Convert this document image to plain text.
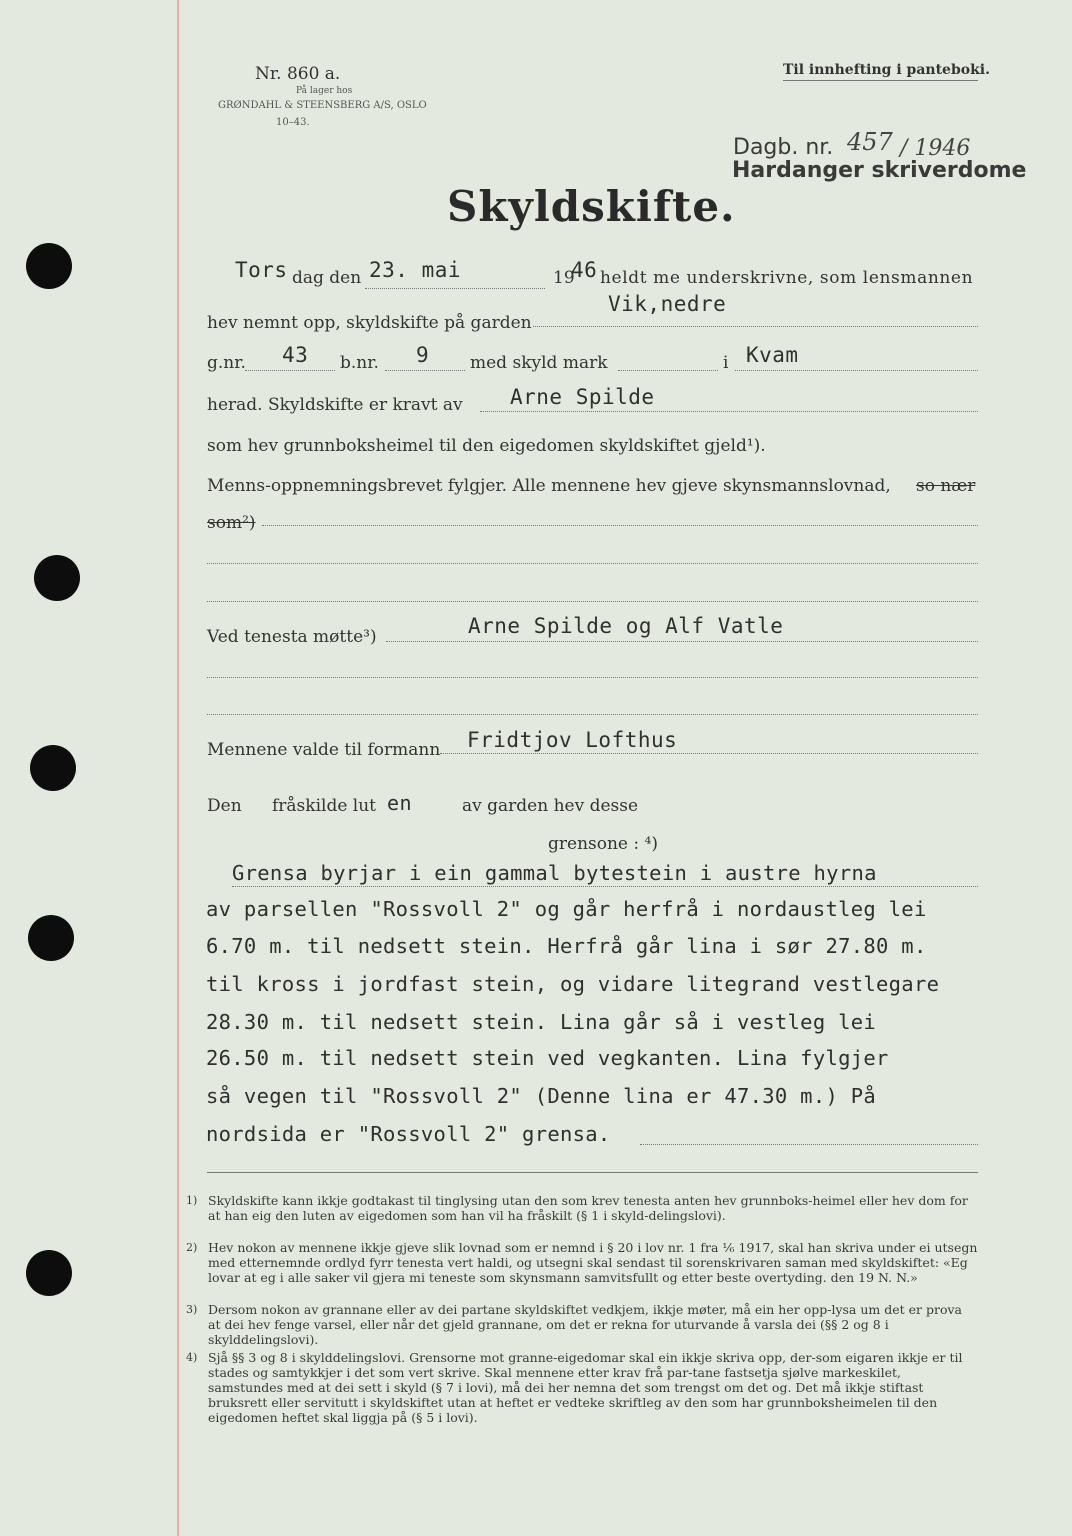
Nr. 860 a.
På lager hos
GRØNDAHL & STEENSBERG A/S, OSLO
10–43.
Til innhefting i panteboki.
Dagb. nr. 457 / 1946
Hardanger skriverdome
Skyldskifte.
Tors dag den 23. mai	19
46 heldt me underskrivne, som lensmannen
hev nemnt opp, skyldskifte på garden
Vik,nedre
g.nr. 43 b.nr. 9 med skyld mark	i Kvam
herad. Skyldskifte er kravt av Arne Spilde
som hev grunnboksheimel til den eigedomen skyldskiftet gjeld¹).
Menns-oppnemningsbrevet fylgjer. Alle mennene hev gjeve skynsmannslovnad, so nær
som²)
Ved tenesta møtte³)	Arne Spilde og Alf Vatle
Mennene valde til formann Fridtjov Lofthus
Den fråskilde lut en	av garden hev desse
grensone : ⁴)
Grensa byrjar i ein gammal bytestein i austre hyrna
av parsellen "Rossvoll 2" og går herfrå i nordaustleg lei
6.70 m. til nedsett stein. Herfrå går lina i sør 27.80 m.
til kross i jordfast stein, og vidare litegrand vestlegare
28.30 m. til nedsett stein. Lina går så i vestleg lei
26.50 m. til nedsett stein ved vegkanten. Lina fylgjer
så vegen til "Rossvoll 2" (Denne lina er 47.30 m.) På
nordsida er "Rossvoll 2" grensa.
1) Skyldskifte kann ikkje godtakast til tinglysing utan den som krev tenesta anten hev grunnboks-heimel eller hev dom for at han eig den luten av eigedomen som han vil ha fråskilt (§ 1 i skyld-delingslovi).
2) Hev nokon av mennene ikkje gjeve slik lovnad som er nemnd i § 20 i lov nr. 1 fra ⅙ 1917, skal han skriva under ei utsegn med etternemnde ordlyd fyrr tenesta vert haldi, og utsegni skal sendast til sorenskrivaren saman med skyldskiftet: «Eg lovar at eg i alle saker vil gjera mi teneste som skynsmann samvitsfullt og etter beste overtyding. den 19 N. N.»
3) Dersom nokon av grannane eller av dei partane skyldskiftet vedkjem, ikkje møter, må ein her opp-lysa um det er prova at dei hev fenge varsel, eller når det gjeld grannane, om det er rekna for uturvande å varsla dei (§§ 2 og 8 i skylddelingslovi).
4) Sjå §§ 3 og 8 i skylddelingslovi. Grensorne mot granne-eigedomar skal ein ikkje skriva opp, der-som eigaren ikkje er til stades og samtykkjer i det som vert skrive. Skal mennene etter krav frå par-tane fastsetja sjølve markeskilet, samstundes med at dei sett i skyld (§ 7 i lovi), må dei her nemna det som trengst om det og. Det må ikkje stiftast bruksrett eller servitutt i skyldskiftet utan at heftet er vedteke skriftleg av den som har grunnboksheimelen til den eigedomen heftet skal liggja på (§ 5 i lovi).
